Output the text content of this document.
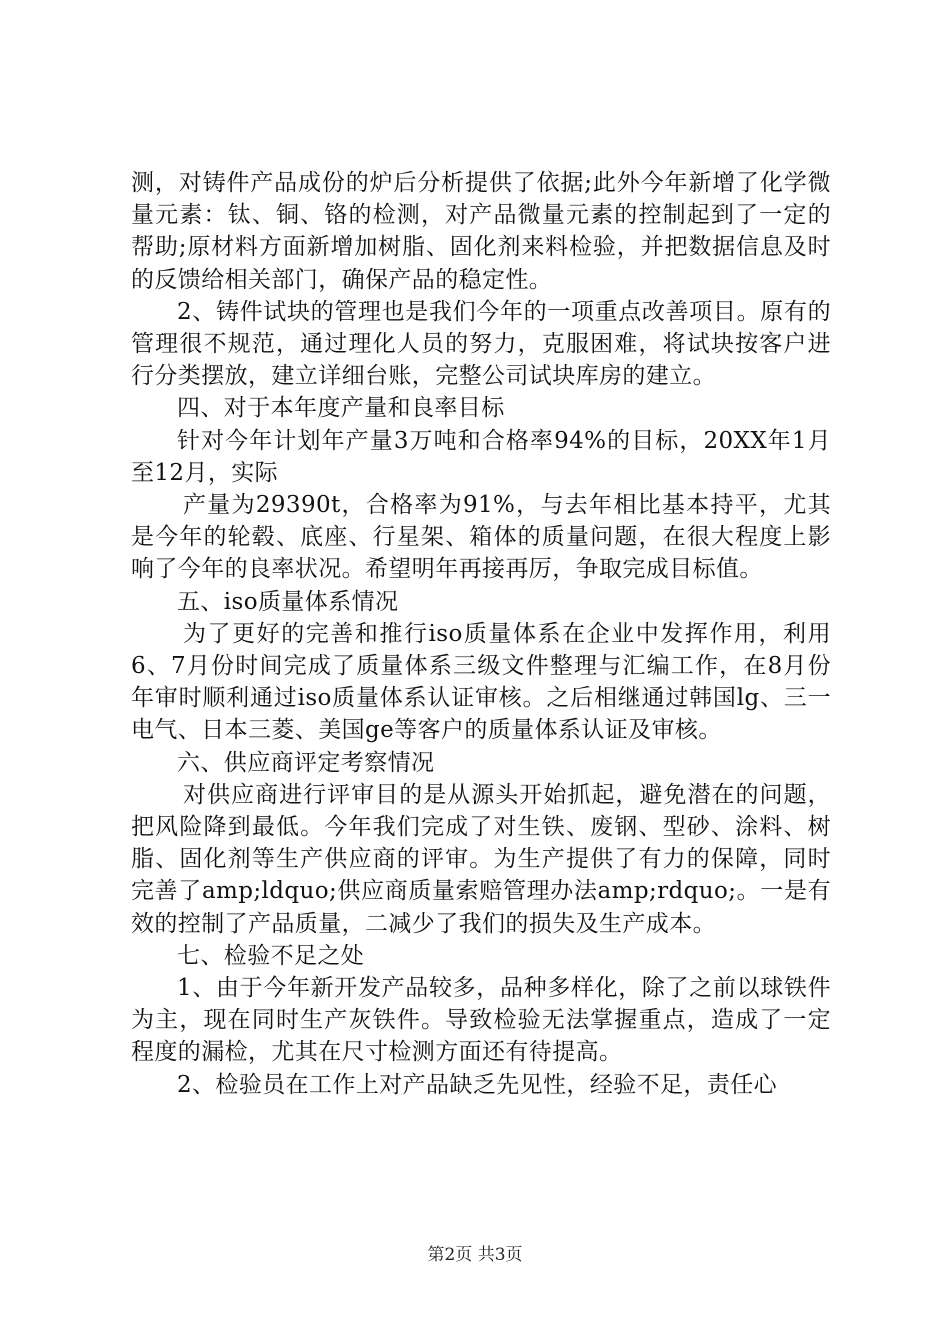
测，对铸件产品成份的炉后分析提供了依据;此外今年新增了化学微量元素：钛、铜、铬的检测，对产品微量元素的控制起到了一定的帮助;原材料方面新增加树脂、固化剂来料检验，并把数据信息及时的反馈给相关部门，确保产品的稳定性。

2、铸件试块的管理也是我们今年的一项重点改善项目。原有的管理很不规范，通过理化人员的努力，克服困难，将试块按客户进行分类摆放，建立详细台账，完整公司试块库房的建立。

四、对于本年度产量和良率目标

针对今年计划年产量3万吨和合格率94%的目标，20XX年1月至12月，实际

产量为29390t，合格率为91%，与去年相比基本持平，尤其是今年的轮毂、底座、行星架、箱体的质量问题，在很大程度上影响了今年的良率状况。希望明年再接再厉，争取完成目标值。

五、iso质量体系情况

为了更好的完善和推行iso质量体系在企业中发挥作用，利用6、7月份时间完成了质量体系三级文件整理与汇编工作，在8月份年审时顺利通过iso质量体系认证审核。之后相继通过韩国lg、三一电气、日本三菱、美国ge等客户的质量体系认证及审核。

六、供应商评定考察情况

对供应商进行评审目的是从源头开始抓起，避免潜在的问题，把风险降到最低。今年我们完成了对生铁、废钢、型砂、涂料、树脂、固化剂等生产供应商的评审。为生产提供了有力的保障，同时完善了amp;ldquo;供应商质量索赔管理办法amp;rdquo;。一是有效的控制了产品质量，二减少了我们的损失及生产成本。

七、检验不足之处

1、由于今年新开发产品较多，品种多样化，除了之前以球铁件为主，现在同时生产灰铁件。导致检验无法掌握重点，造成了一定程度的漏检，尤其在尺寸检测方面还有待提高。

2、检验员在工作上对产品缺乏先见性，经验不足，责任心

第2页 共3页
